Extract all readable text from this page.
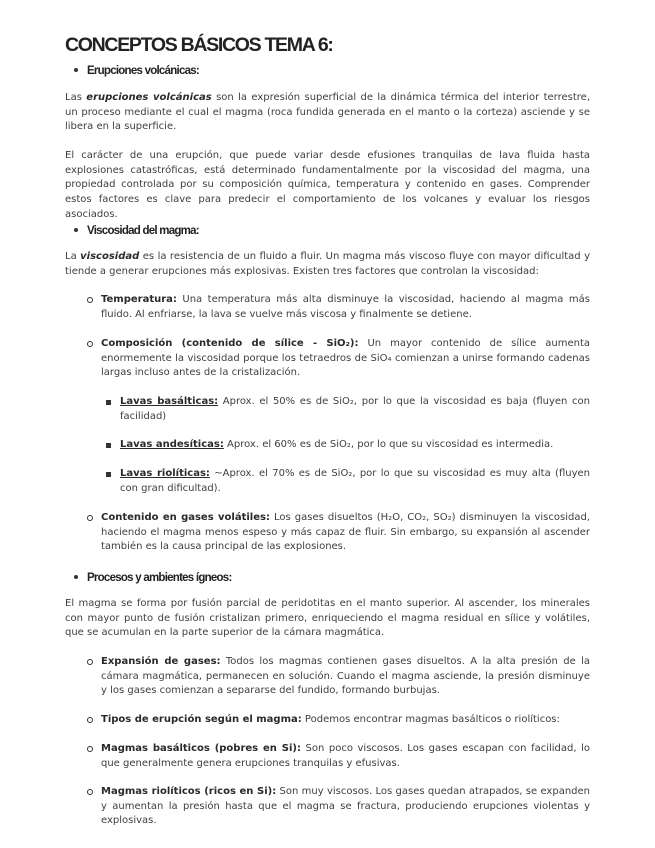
CONCEPTOS BÁSICOS TEMA 6:
Erupciones volcánicas:

Las erupciones volcánicas son la expresión superficial de la dinámica térmica del interior terrestre, un proceso mediante el cual el magma (roca fundida generada en el manto o la corteza) asciende y se libera en la superficie.

El carácter de una erupción, que puede variar desde efusiones tranquilas de lava fluida hasta explosiones catastróficas, está determinado fundamentalmente por la viscosidad del magma, una propiedad controlada por su composición química, temperatura y contenido en gases. Comprender estos factores es clave para predecir el comportamiento de los volcanes y evaluar los riesgos asociados.

Viscosidad del magma:

La viscosidad es la resistencia de un fluido a fluir. Un magma más viscoso fluye con mayor dificultad y tiende a generar erupciones más explosivas. Existen tres factores que controlan la viscosidad:

Temperatura: Una temperatura más alta disminuye la viscosidad, haciendo al magma más fluido. Al enfriarse, la lava se vuelve más viscosa y finalmente se detiene.
Composición (contenido de sílice - SiO₂): Un mayor contenido de sílice aumenta enormemente la viscosidad porque los tetraedros de SiO₄ comienzan a unirse formando cadenas largas incluso antes de la cristalización.
Lavas basálticas: Aprox. el 50% es de SiO₂, por lo que la viscosidad es baja (fluyen con facilidad)
Lavas andesíticas: Aprox. el 60% es de SiO₂, por lo que su viscosidad es intermedia.
Lavas riolíticas: ~Aprox. el 70% es de SiO₂, por lo que su viscosidad es muy alta (fluyen con gran dificultad).
Contenido en gases volátiles: Los gases disueltos (H₂O, CO₂, SO₂) disminuyen la viscosidad, haciendo el magma menos espeso y más capaz de fluir. Sin embargo, su expansión al ascender también es la causa principal de las explosiones.
Procesos y ambientes ígneos:

El magma se forma por fusión parcial de peridotitas en el manto superior. Al ascender, los minerales con mayor punto de fusión cristalizan primero, enriqueciendo el magma residual en sílice y volátiles, que se acumulan en la parte superior de la cámara magmática.

Expansión de gases: Todos los magmas contienen gases disueltos. A la alta presión de la cámara magmática, permanecen en solución. Cuando el magma asciende, la presión disminuye y los gases comienzan a separarse del fundido, formando burbujas.
Tipos de erupción según el magma: Podemos encontrar magmas basálticos o riolíticos:
Magmas basálticos (pobres en Si): Son poco viscosos. Los gases escapan con facilidad, lo que generalmente genera erupciones tranquilas y efusivas.
Magmas riolíticos (ricos en Si): Son muy viscosos. Los gases quedan atrapados, se expanden y aumentan la presión hasta que el magma se fractura, produciendo erupciones violentas y explosivas.
